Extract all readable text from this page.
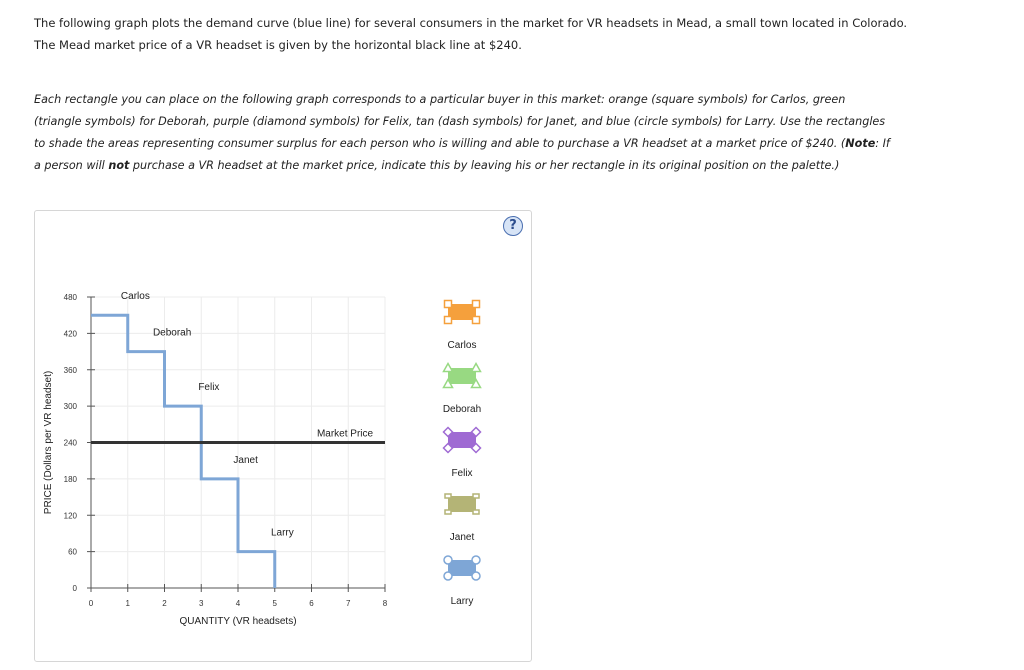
The following graph plots the demand curve (blue line) for several consumers in the market for VR headsets in Mead, a small town located in Colorado.
The Mead market price of a VR headset is given by the horizontal black line at $240.
Each rectangle you can place on the following graph corresponds to a particular buyer in this market: orange (square symbols) for Carlos, green (triangle symbols) for Deborah, purple (diamond symbols) for Felix, tan (dash symbols) for Janet, and blue (circle symbols) for Larry. Use the rectangles to shade the areas representing consumer surplus for each person who is willing and able to purchase a VR headset at a market price of $240. (Note: If a person will not purchase a VR headset at the market price, indicate this by leaving his or her rectangle in its original position on the palette.)
?
0
60
120
180
240
300
360
420
480
0	1	2	3	4	5	6	7	8
QUANTITY (VR headsets)
PRICE (Dollars per VR headset)
Carlos
Deborah
Felix
Janet
Larry
Market Price
Carlos
Deborah
Felix
Janet
Larry
